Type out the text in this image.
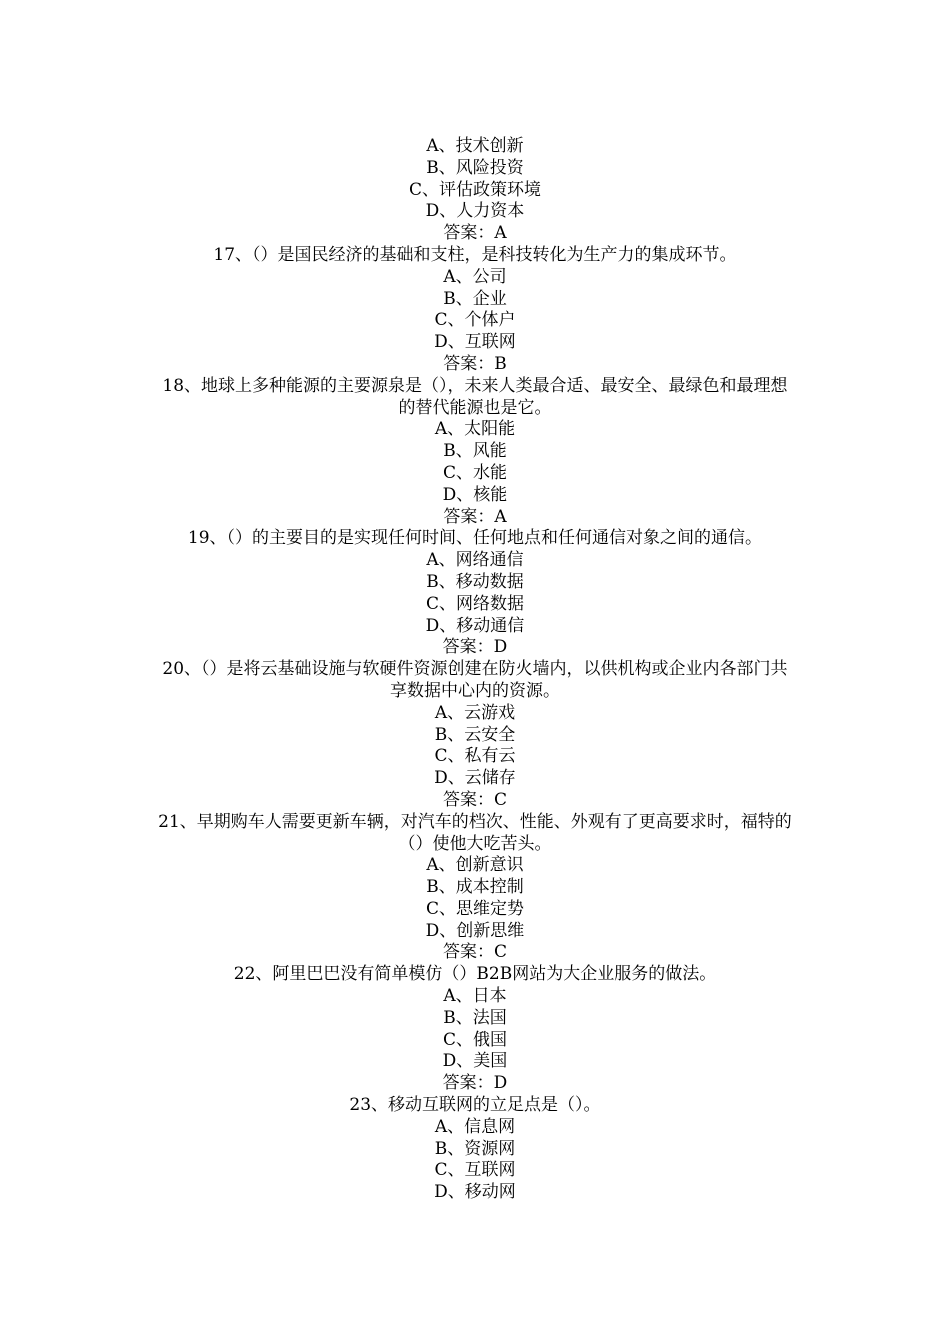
A、技术创新
B、风险投资
C、评估政策环境
D、人力资本
答案：A
17、（）是国民经济的基础和支柱，是科技转化为生产力的集成环节。
A、公司
B、企业
C、个体户
D、互联网
答案：B
18、地球上多种能源的主要源泉是（），未来人类最合适、最安全、最绿色和最理想
的替代能源也是它。
A、太阳能
B、风能
C、水能
D、核能
答案：A
19、（）的主要目的是实现任何时间、任何地点和任何通信对象之间的通信。
A、网络通信
B、移动数据
C、网络数据
D、移动通信
答案：D
20、（）是将云基础设施与软硬件资源创建在防火墙内，以供机构或企业内各部门共
享数据中心内的资源。
A、云游戏
B、云安全
C、私有云
D、云储存
答案：C
21、早期购车人需要更新车辆，对汽车的档次、性能、外观有了更高要求时，福特的
（）使他大吃苦头。
A、创新意识
B、成本控制
C、思维定势
D、创新思维
答案：C
22、阿里巴巴没有简单模仿（）B2B网站为大企业服务的做法。
A、日本
B、法国
C、俄国
D、美国
答案：D
23、移动互联网的立足点是（）。
A、信息网
B、资源网
C、互联网
D、移动网
